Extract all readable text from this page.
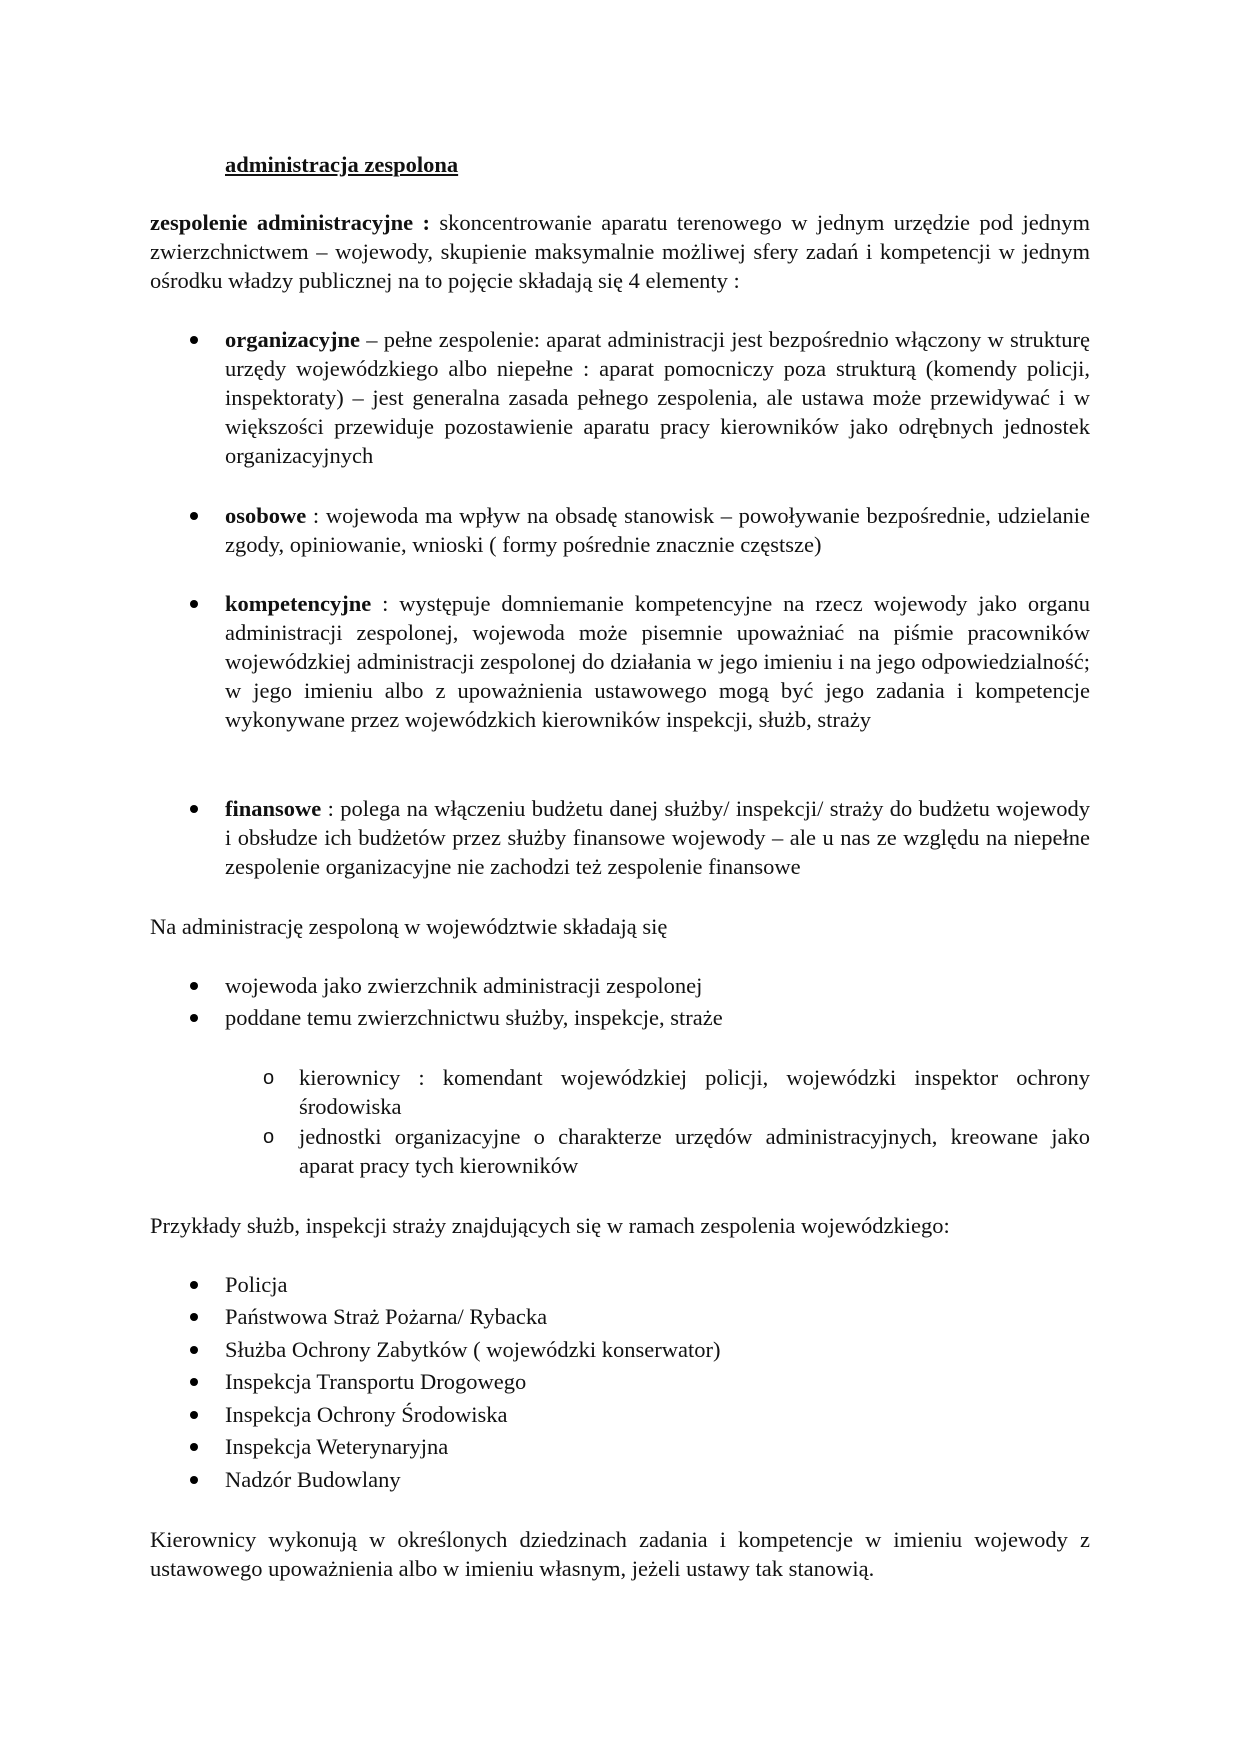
administracja zespolona
zespolenie administracyjne : skoncentrowanie aparatu terenowego w jednym urzędzie pod jednym zwierzchnictwem – wojewody, skupienie maksymalnie możliwej sfery zadań i kompetencji w jednym ośrodku władzy publicznej na to pojęcie składają się 4 elementy :
organizacyjne – pełne zespolenie: aparat administracji jest bezpośrednio włączony w strukturę urzędy wojewódzkiego albo niepełne : aparat pomocniczy poza strukturą (komendy policji, inspektoraty) – jest generalna zasada pełnego zespolenia, ale ustawa może przewidywać i w większości przewiduje pozostawienie aparatu pracy kierowników jako odrębnych jednostek organizacyjnych
osobowe : wojewoda ma wpływ na obsadę stanowisk – powoływanie bezpośrednie, udzielanie zgody, opiniowanie, wnioski ( formy pośrednie znacznie częstsze)
kompetencyjne : występuje domniemanie kompetencyjne na rzecz wojewody jako organu administracji zespolonej, wojewoda może pisemnie upoważniać na piśmie pracowników wojewódzkiej administracji zespolonej do działania w jego imieniu i na jego odpowiedzialność; w jego imieniu albo z upoważnienia ustawowego mogą być jego zadania i kompetencje wykonywane przez wojewódzkich kierowników inspekcji, służb, straży
finansowe : polega na włączeniu budżetu danej służby/ inspekcji/ straży do budżetu wojewody i obsłudze ich budżetów przez służby finansowe wojewody – ale u nas ze względu na niepełne zespolenie organizacyjne nie zachodzi też zespolenie finansowe
Na administrację zespoloną w województwie składają się
wojewoda jako zwierzchnik administracji zespolonej
poddane temu zwierzchnictwu służby, inspekcje, straże
o kierownicy : komendant wojewódzkiej policji, wojewódzki inspektor ochrony środowiska
o jednostki organizacyjne o charakterze urzędów administracyjnych, kreowane jako aparat pracy tych kierowników
Przykłady służb, inspekcji straży znajdujących się w ramach zespolenia wojewódzkiego:
Policja
Państwowa Straż Pożarna/ Rybacka
Służba Ochrony Zabytków ( wojewódzki konserwator)
Inspekcja Transportu Drogowego
Inspekcja Ochrony Środowiska
Inspekcja Weterynaryjna
Nadzór Budowlany
Kierownicy wykonują w określonych dziedzinach zadania i kompetencje w imieniu wojewody z ustawowego upoważnienia albo w imieniu własnym, jeżeli ustawy tak stanowią.
